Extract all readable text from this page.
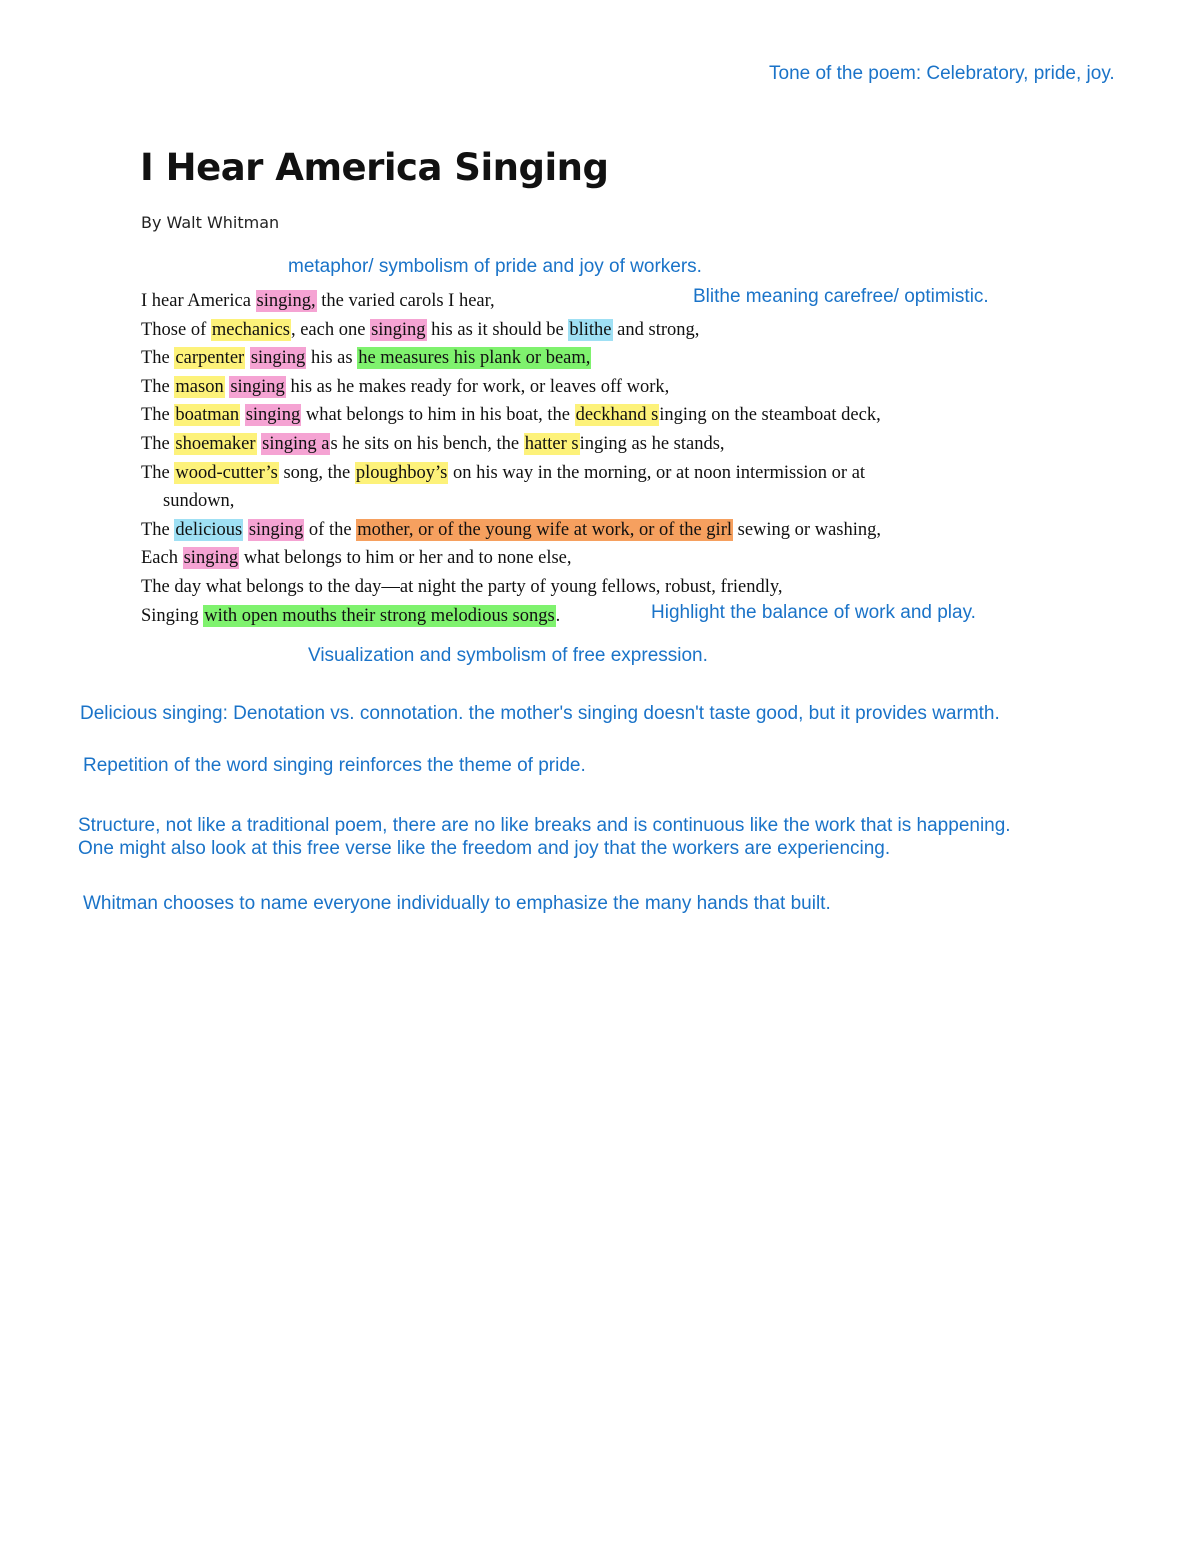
Tone of the poem: Celebratory, pride, joy.

I Hear America Singing

By Walt Whitman

metaphor/ symbolism of pride and joy of workers.

Blithe meaning carefree/ optimistic.

I hear America singing, the varied carols I hear,
Those of mechanics, each one singing his as it should be blithe and strong,
The carpenter singing his as he measures his plank or beam,
The mason singing his as he makes ready for work, or leaves off work,
The boatman singing what belongs to him in his boat, the deckhand singing on the steamboat deck,
The shoemaker singing as he sits on his bench, the hatter singing as he stands,
The wood-cutter’s song, the ploughboy’s on his way in the morning, or at noon intermission or at
sundown,
The delicious singing of the mother, or of the young wife at work, or of the girl sewing or washing,
Each singing what belongs to him or her and to none else,
The day what belongs to the day—at night the party of young fellows, robust, friendly,
Singing with open mouths their strong melodious songs.	Highlight the balance of work and play.

Visualization and symbolism of free expression.

Delicious singing: Denotation vs. connotation. the mother's singing doesn't taste good, but it provides warmth.

Repetition of the word singing reinforces the theme of pride.

Structure, not like a traditional poem, there are no like breaks and is continuous like the work that is happening.

One might also look at this free verse like the freedom and joy that the workers are experiencing.

Whitman chooses to name everyone individually to emphasize the many hands that built.
